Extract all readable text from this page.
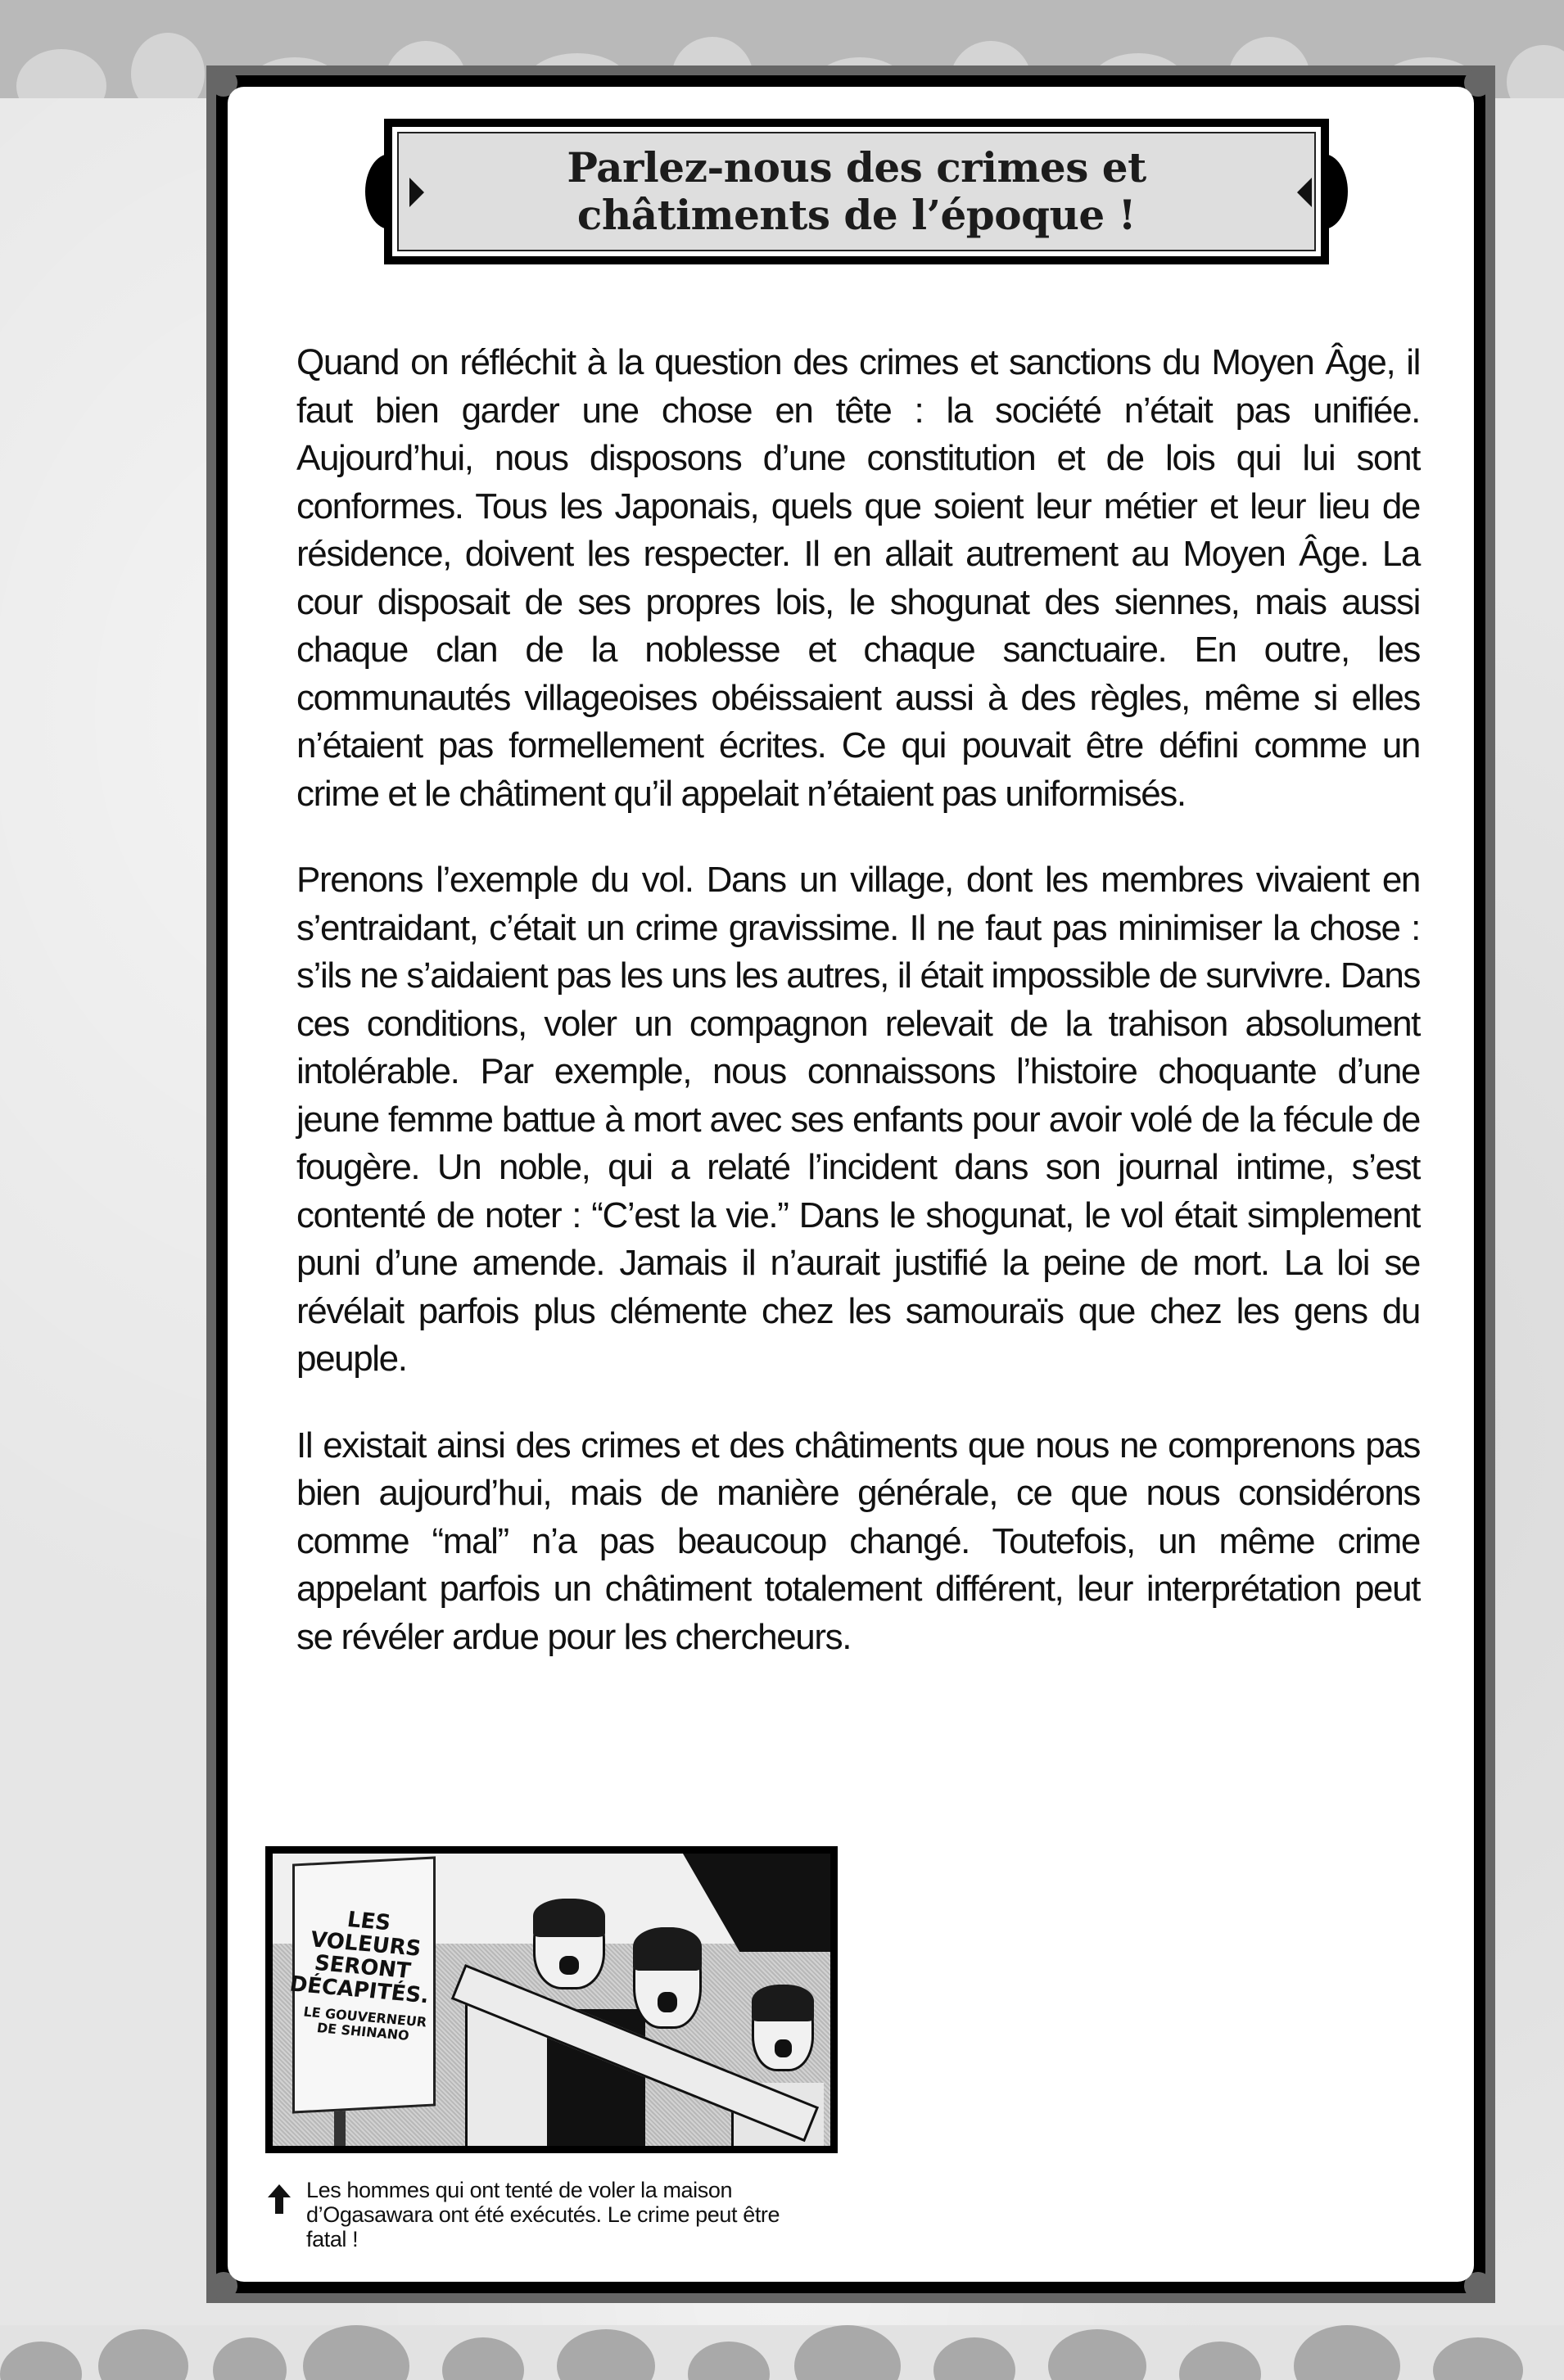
Parlez-nous des crimes et
châtiments de l’époque !

Quand on réfléchit à la question des crimes et sanctions du Moyen Âge, il faut bien garder une chose en tête : la société n’était pas unifiée. Aujourd’hui, nous disposons d’une constitution et de lois qui lui sont conformes. Tous les Japonais, quels que soient leur métier et leur lieu de résidence, doivent les respecter. Il en allait autrement au Moyen Âge. La cour disposait de ses propres lois, le shogunat des siennes, mais aussi chaque clan de la noblesse et chaque sanctuaire. En outre, les communautés villageoises obéissaient aussi à des règles, même si elles n’étaient pas formellement écrites. Ce qui pouvait être défini comme un crime et le châtiment qu’il appelait n’étaient pas uniformisés.

Prenons l’exemple du vol. Dans un village, dont les membres vivaient en s’entraidant, c’était un crime gravissime. Il ne faut pas minimiser la chose : s’ils ne s’aidaient pas les uns les autres, il était impossible de survivre. Dans ces conditions, voler un compagnon relevait de la trahison absolument intolérable. Par exemple, nous connaissons l’histoire choquante d’une jeune femme battue à mort avec ses enfants pour avoir volé de la fécule de fougère. Un noble, qui a relaté l’incident dans son journal intime, s’est contenté de noter : “C’est la vie.” Dans le shogunat, le vol était simplement puni d’une amende. Jamais il n’aurait justifié la peine de mort. La loi se révélait parfois plus clémente chez les samouraïs que chez les gens du peuple.

Il existait ainsi des crimes et des châtiments que nous ne comprenons pas bien aujourd’hui, mais de manière générale, ce que nous considérons comme “mal” n’a pas beaucoup changé. Toutefois, un même crime appelant parfois un châtiment totalement différent, leur interprétation peut se révéler ardue pour les chercheurs.

LES VOLEURS SERONT DÉCAPITÉS.
LE GOUVERNEUR DE SHINANO
Les hommes qui ont tenté de voler la maison d’Ogasawara ont été exécutés. Le crime peut être fatal !
